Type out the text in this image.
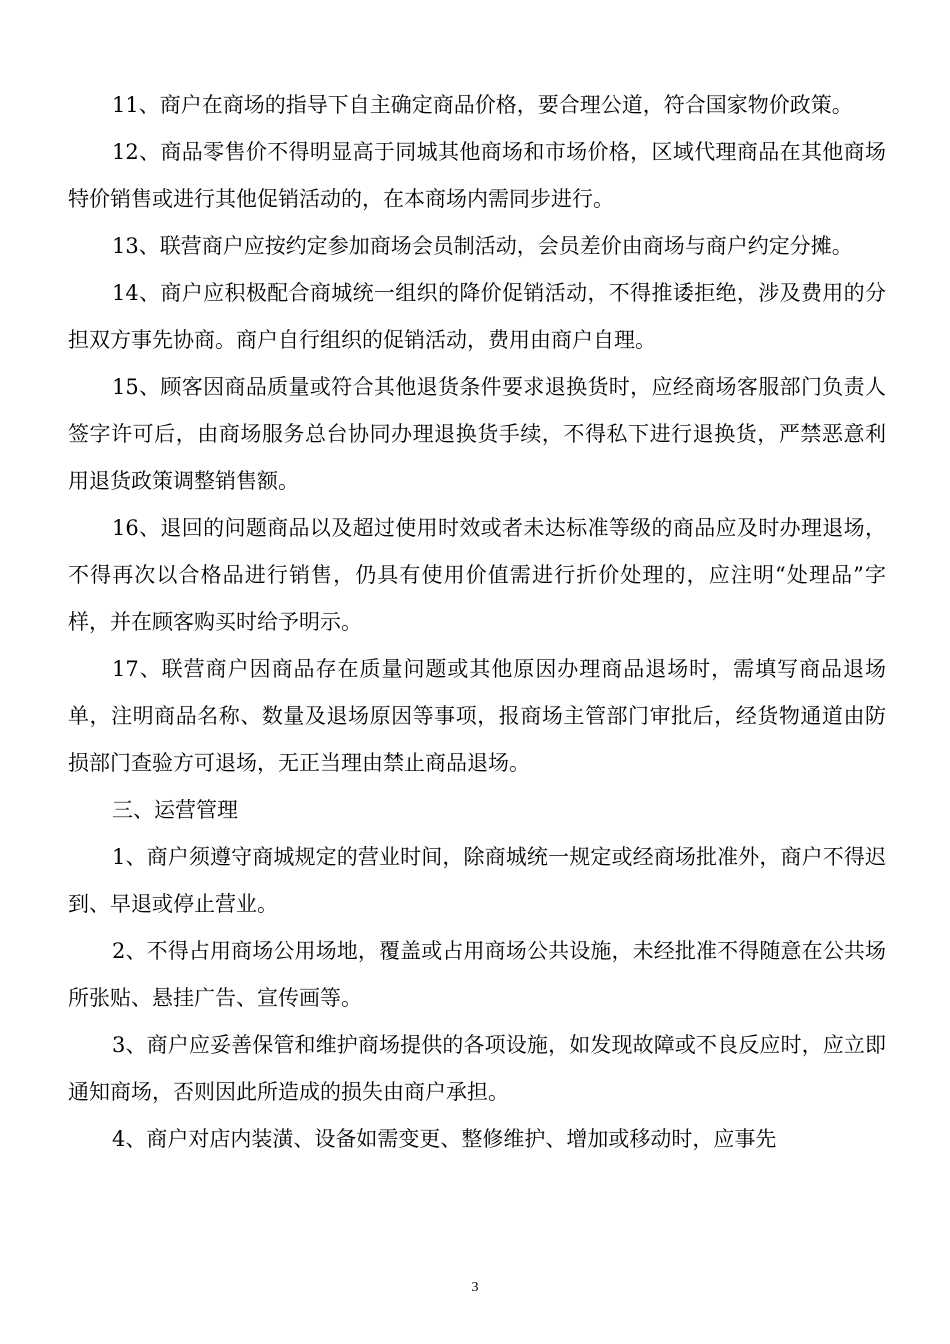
11、商户在商场的指导下自主确定商品价格，要合理公道，符合国家物价政策。

12、商品零售价不得明显高于同城其他商场和市场价格，区域代理商品在其他商场特价销售或进行其他促销活动的，在本商场内需同步进行。

13、联营商户应按约定参加商场会员制活动，会员差价由商场与商户约定分摊。

14、商户应积极配合商城统一组织的降价促销活动，不得推诿拒绝，涉及费用的分担双方事先协商。商户自行组织的促销活动，费用由商户自理。

15、顾客因商品质量或符合其他退货条件要求退换货时，应经商场客服部门负责人签字许可后，由商场服务总台协同办理退换货手续，不得私下进行退换货，严禁恶意利用退货政策调整销售额。

16、退回的问题商品以及超过使用时效或者未达标准等级的商品应及时办理退场，不得再次以合格品进行销售，仍具有使用价值需进行折价处理的，应注明“处理品”字样，并在顾客购买时给予明示。

17、联营商户因商品存在质量问题或其他原因办理商品退场时，需填写商品退场单，注明商品名称、数量及退场原因等事项，报商场主管部门审批后，经货物通道由防损部门查验方可退场，无正当理由禁止商品退场。

三、运营管理

1、商户须遵守商城规定的营业时间，除商城统一规定或经商场批准外，商户不得迟到、早退或停止营业。

2、不得占用商场公用场地，覆盖或占用商场公共设施，未经批准不得随意在公共场所张贴、悬挂广告、宣传画等。

3、商户应妥善保管和维护商场提供的各项设施，如发现故障或不良反应时，应立即通知商场，否则因此所造成的损失由商户承担。

4、商户对店内装潢、设备如需变更、整修维护、增加或移动时，应事先

3
